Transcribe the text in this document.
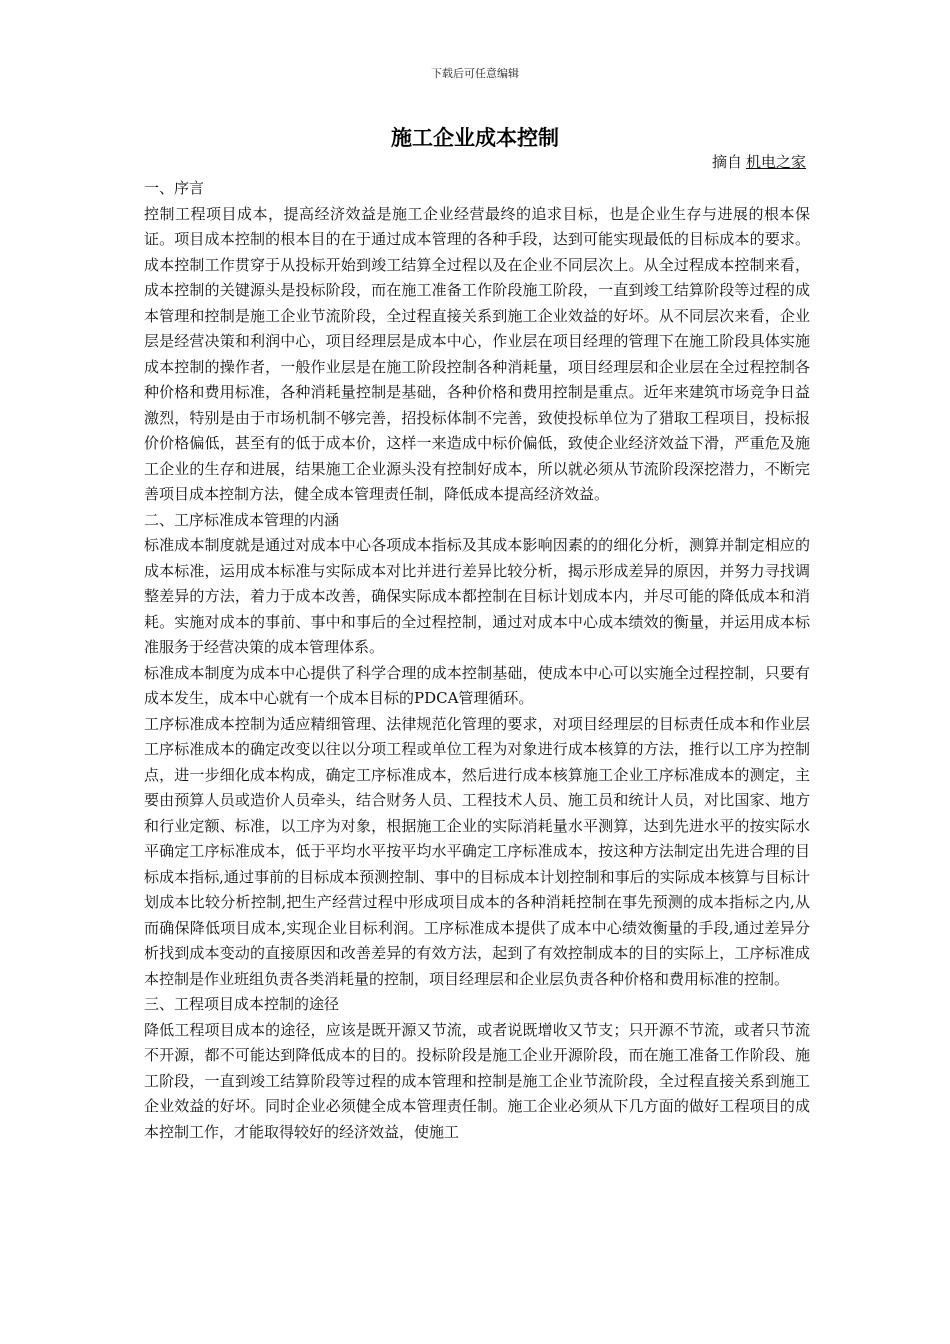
下载后可任意编辑
施工企业成本控制
摘自 机电之家
一、序言

控制工程项目成本，提高经济效益是施工企业经营最终的追求目标，也是企业生存与进展的根本保证。项目成本控制的根本目的在于通过成本管理的各种手段，达到可能实现最低的目标成本的要求。成本控制工作贯穿于从投标开始到竣工结算全过程以及在企业不同层次上。从全过程成本控制来看，成本控制的关键源头是投标阶段，而在施工准备工作阶段施工阶段，一直到竣工结算阶段等过程的成本管理和控制是施工企业节流阶段，全过程直接关系到施工企业效益的好坏。从不同层次来看，企业层是经营决策和利润中心，项目经理层是成本中心，作业层在项目经理的管理下在施工阶段具体实施成本控制的操作者，一般作业层是在施工阶段控制各种消耗量，项目经理层和企业层在全过程控制各种价格和费用标准，各种消耗量控制是基础，各种价格和费用控制是重点。近年来建筑市场竞争日益激烈，特别是由于市场机制不够完善，招投标体制不完善，致使投标单位为了猎取工程项目，投标报价价格偏低，甚至有的低于成本价，这样一来造成中标价偏低，致使企业经济效益下滑，严重危及施工企业的生存和进展，结果施工企业源头没有控制好成本，所以就必须从节流阶段深挖潜力，不断完善项目成本控制方法，健全成本管理责任制，降低成本提高经济效益。

二、工序标准成本管理的内涵

标准成本制度就是通过对成本中心各项成本指标及其成本影响因素的的细化分析，测算并制定相应的成本标准，运用成本标准与实际成本对比并进行差异比较分析，揭示形成差异的原因，并努力寻找调整差异的方法，着力于成本改善，确保实际成本都控制在目标计划成本内，并尽可能的降低成本和消耗。实施对成本的事前、事中和事后的全过程控制，通过对成本中心成本绩效的衡量，并运用成本标准服务于经营决策的成本管理体系。

标准成本制度为成本中心提供了科学合理的成本控制基础，使成本中心可以实施全过程控制，只要有成本发生，成本中心就有一个成本目标的PDCA管理循环。

工序标准成本控制为适应精细管理、法律规范化管理的要求，对项目经理层的目标责任成本和作业层工序标准成本的确定改变以往以分项工程或单位工程为对象进行成本核算的方法，推行以工序为控制点，进一步细化成本构成，确定工序标准成本，然后进行成本核算施工企业工序标准成本的测定，主要由预算人员或造价人员牵头，结合财务人员、工程技术人员、施工员和统计人员，对比国家、地方和行业定额、标准，以工序为对象，根据施工企业的实际消耗量水平测算，达到先进水平的按实际水平确定工序标准成本，低于平均水平按平均水平确定工序标准成本，按这种方法制定出先进合理的目标成本指标,通过事前的目标成本预测控制、事中的目标成本计划控制和事后的实际成本核算与目标计划成本比较分析控制,把生产经营过程中形成项目成本的各种消耗控制在事先预测的成本指标之内,从而确保降低项目成本,实现企业目标利润。工序标准成本提供了成本中心绩效衡量的手段,通过差异分析找到成本变动的直接原因和改善差异的有效方法，起到了有效控制成本的目的实际上，工序标准成本控制是作业班组负责各类消耗量的控制，项目经理层和企业层负责各种价格和费用标准的控制。

三、工程项目成本控制的途径

降低工程项目成本的途径，应该是既开源又节流，或者说既增收又节支；只开源不节流，或者只节流不开源，都不可能达到降低成本的目的。投标阶段是施工企业开源阶段，而在施工准备工作阶段、施工阶段，一直到竣工结算阶段等过程的成本管理和控制是施工企业节流阶段，全过程直接关系到施工企业效益的好坏。同时企业必须健全成本管理责任制。施工企业必须从下几方面的做好工程项目的成本控制工作，才能取得较好的经济效益，使施工
